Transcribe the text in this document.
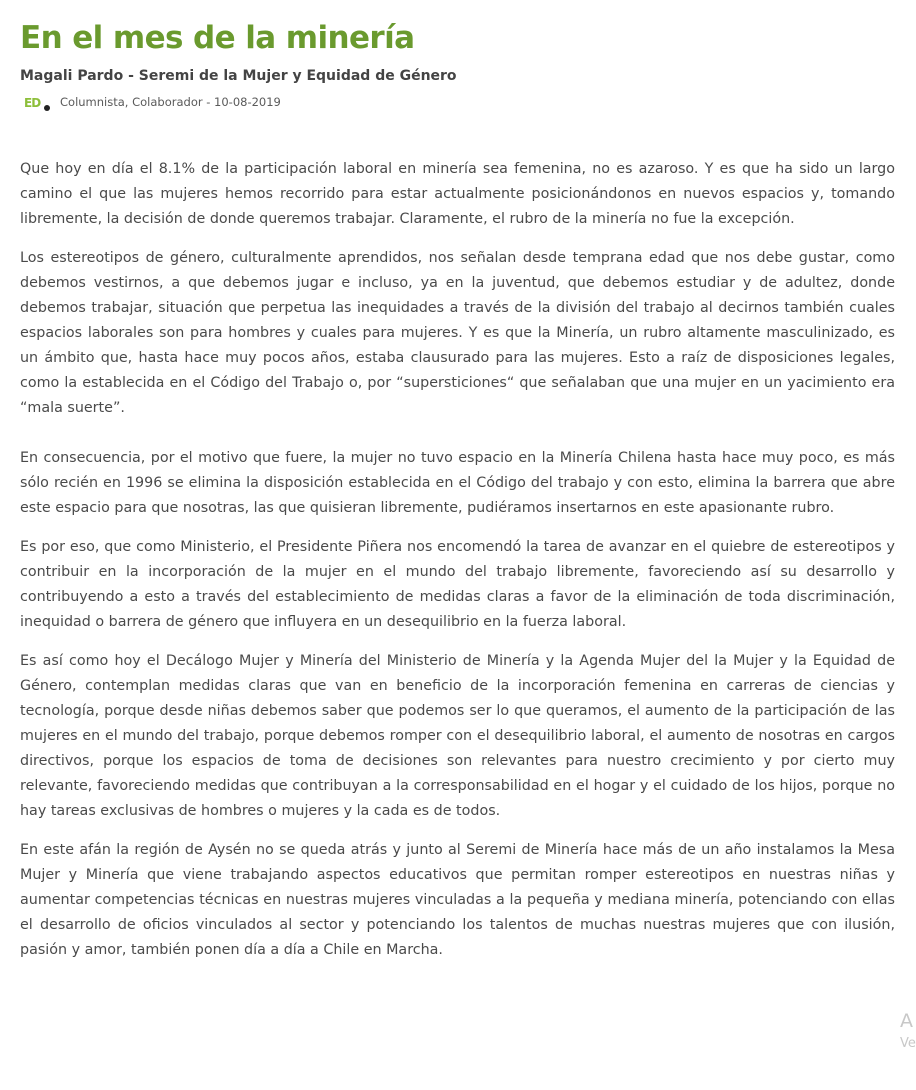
En el mes de la minería
Magali Pardo - Seremi de la Mujer y Equidad de Género
ED Columnista, Colaborador - 10-08-2019

Que hoy en día el 8.1% de la participación laboral en minería sea femenina, no es azaroso. Y es que ha sido un largo camino el que las mujeres hemos recorrido para estar actualmente posicionándonos en nuevos espacios y, tomando libremente, la decisión de donde queremos trabajar. Claramente, el rubro de la minería no fue la excepción.

Los estereotipos de género, culturalmente aprendidos, nos señalan desde temprana edad que nos debe gustar, como debemos vestirnos, a que debemos jugar e incluso, ya en la juventud, que debemos estudiar y de adultez, donde debemos trabajar, situación que perpetua las inequidades a través de la división del trabajo al decirnos también cuales espacios laborales son para hombres y cuales para mujeres. Y es que la Minería, un rubro altamente masculinizado, es un ámbito que, hasta hace muy pocos años, estaba clausurado para las mujeres. Esto a raíz de disposiciones legales, como la establecida en el Código del Trabajo o, por “supersticiones“ que señalaban que una mujer en un yacimiento era “mala suerte”.

En consecuencia, por el motivo que fuere, la mujer no tuvo espacio en la Minería Chilena hasta hace muy poco, es más sólo recién en 1996 se elimina la disposición establecida en el Código del trabajo y con esto, elimina la barrera que abre este espacio para que nosotras, las que quisieran libremente, pudiéramos insertarnos en este apasionante rubro.

Es por eso, que como Ministerio, el Presidente Piñera nos encomendó la tarea de avanzar en el quiebre de estereotipos y contribuir en la incorporación de la mujer en el mundo del trabajo libremente, favoreciendo así su desarrollo y contribuyendo a esto a través del establecimiento de medidas claras a favor de la eliminación de toda discriminación, inequidad o barrera de género que influyera en un desequilibrio en la fuerza laboral.

Es así como hoy el Decálogo Mujer y Minería del Ministerio de Minería y la Agenda Mujer del la Mujer y la Equidad de Género, contemplan medidas claras que van en beneficio de la incorporación femenina en carreras de ciencias y tecnología, porque desde niñas debemos saber que podemos ser lo que queramos, el aumento de la participación de las mujeres en el mundo del trabajo, porque debemos romper con el desequilibrio laboral, el aumento de nosotras en cargos directivos, porque los espacios de toma de decisiones son relevantes para nuestro crecimiento y por cierto muy relevante, favoreciendo medidas que contribuyan a la corresponsabilidad en el hogar y el cuidado de los hijos, porque no hay tareas exclusivas de hombres o mujeres y la cada es de todos.

En este afán la región de Aysén no se queda atrás y junto al Seremi de Minería hace más de un año instalamos la Mesa Mujer y Minería que viene trabajando aspectos educativos que permitan romper estereotipos en nuestras niñas y aumentar competencias técnicas en nuestras mujeres vinculadas a la pequeña y mediana minería, potenciando con ellas el desarrollo de oficios vinculados al sector y potenciando los talentos de muchas nuestras mujeres que con ilusión, pasión y amor, también ponen día a día a Chile en Marcha.

A
Ve
